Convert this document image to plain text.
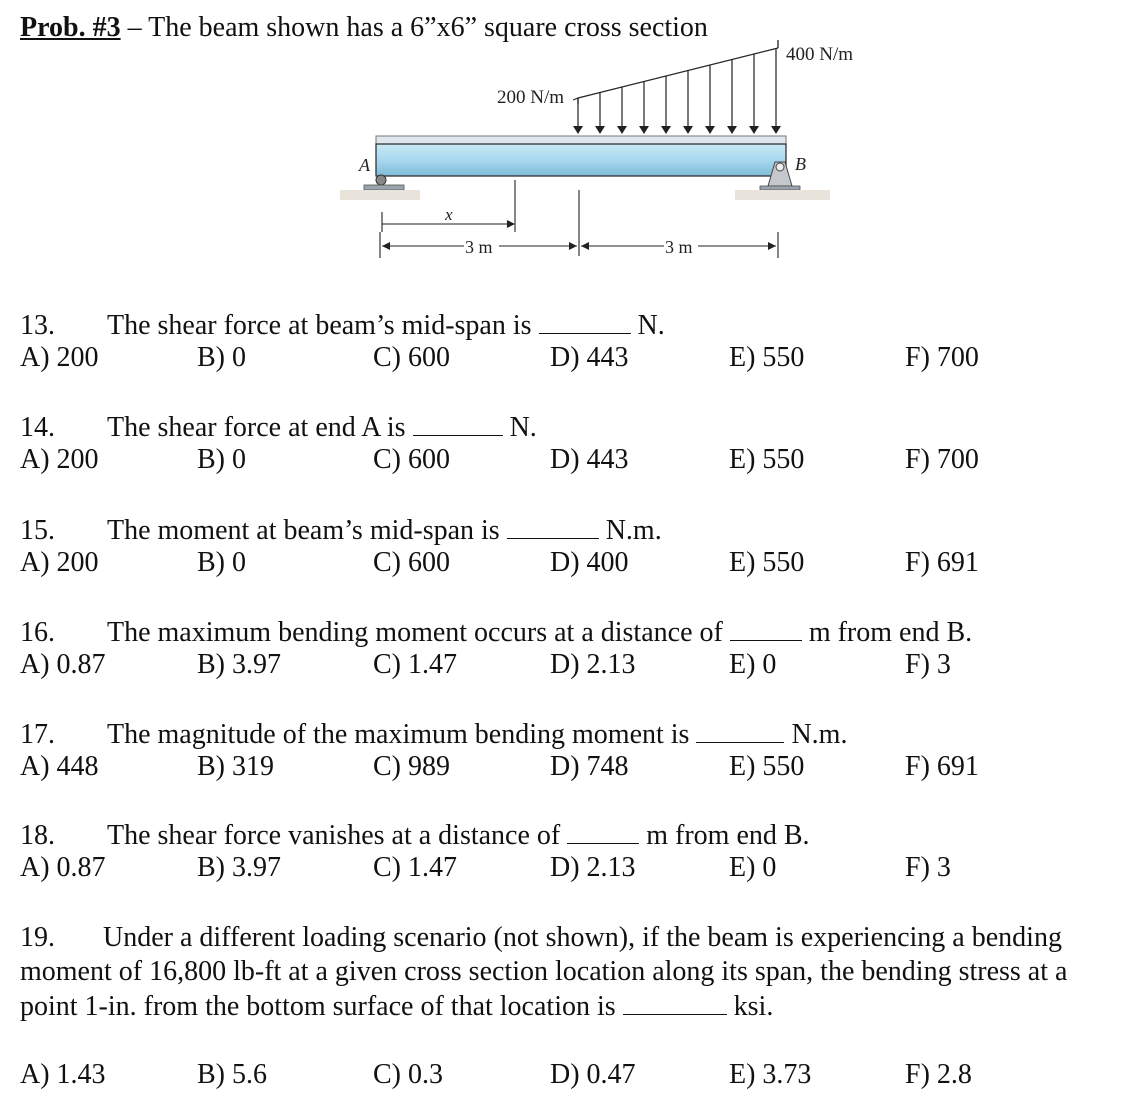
Prob. #3 – The beam shown has a 6”x6” square cross section
200 N/m
400 N/m
A	B
x
3 m	3 m
13. The shear force at beam’s mid-span is	N.
A) 200	B) 0	C) 600	D) 443	E) 550	F) 700
14. The shear force at end A is	N.
A) 200	B) 0	C) 600	D) 443	E) 550	F) 700
15. The moment at beam’s mid-span is	N.m.
A) 200	B) 0	C) 600	D) 400	E) 550	F) 691
16. The maximum bending moment occurs at a distance of	m from end B.
A) 0.87	B) 3.97	C) 1.47	D) 2.13	E) 0	F) 3
17. The magnitude of the maximum bending moment is	N.m.
A) 448	B) 319	C) 989	D) 748	E) 550	F) 691
18. The shear force vanishes at a distance of	m from end B.
A) 0.87	B) 3.97	C) 1.47	D) 2.13	E) 0	F) 3
19. Under a different loading scenario (not shown), if the beam is experiencing a bending
moment of 16,800 lb-ft at a given cross section location along its span, the bending stress at a
point 1-in. from the bottom surface of that location is	ksi.
A) 1.43	B) 5.6	C) 0.3	D) 0.47	E) 3.73	F) 2.8
